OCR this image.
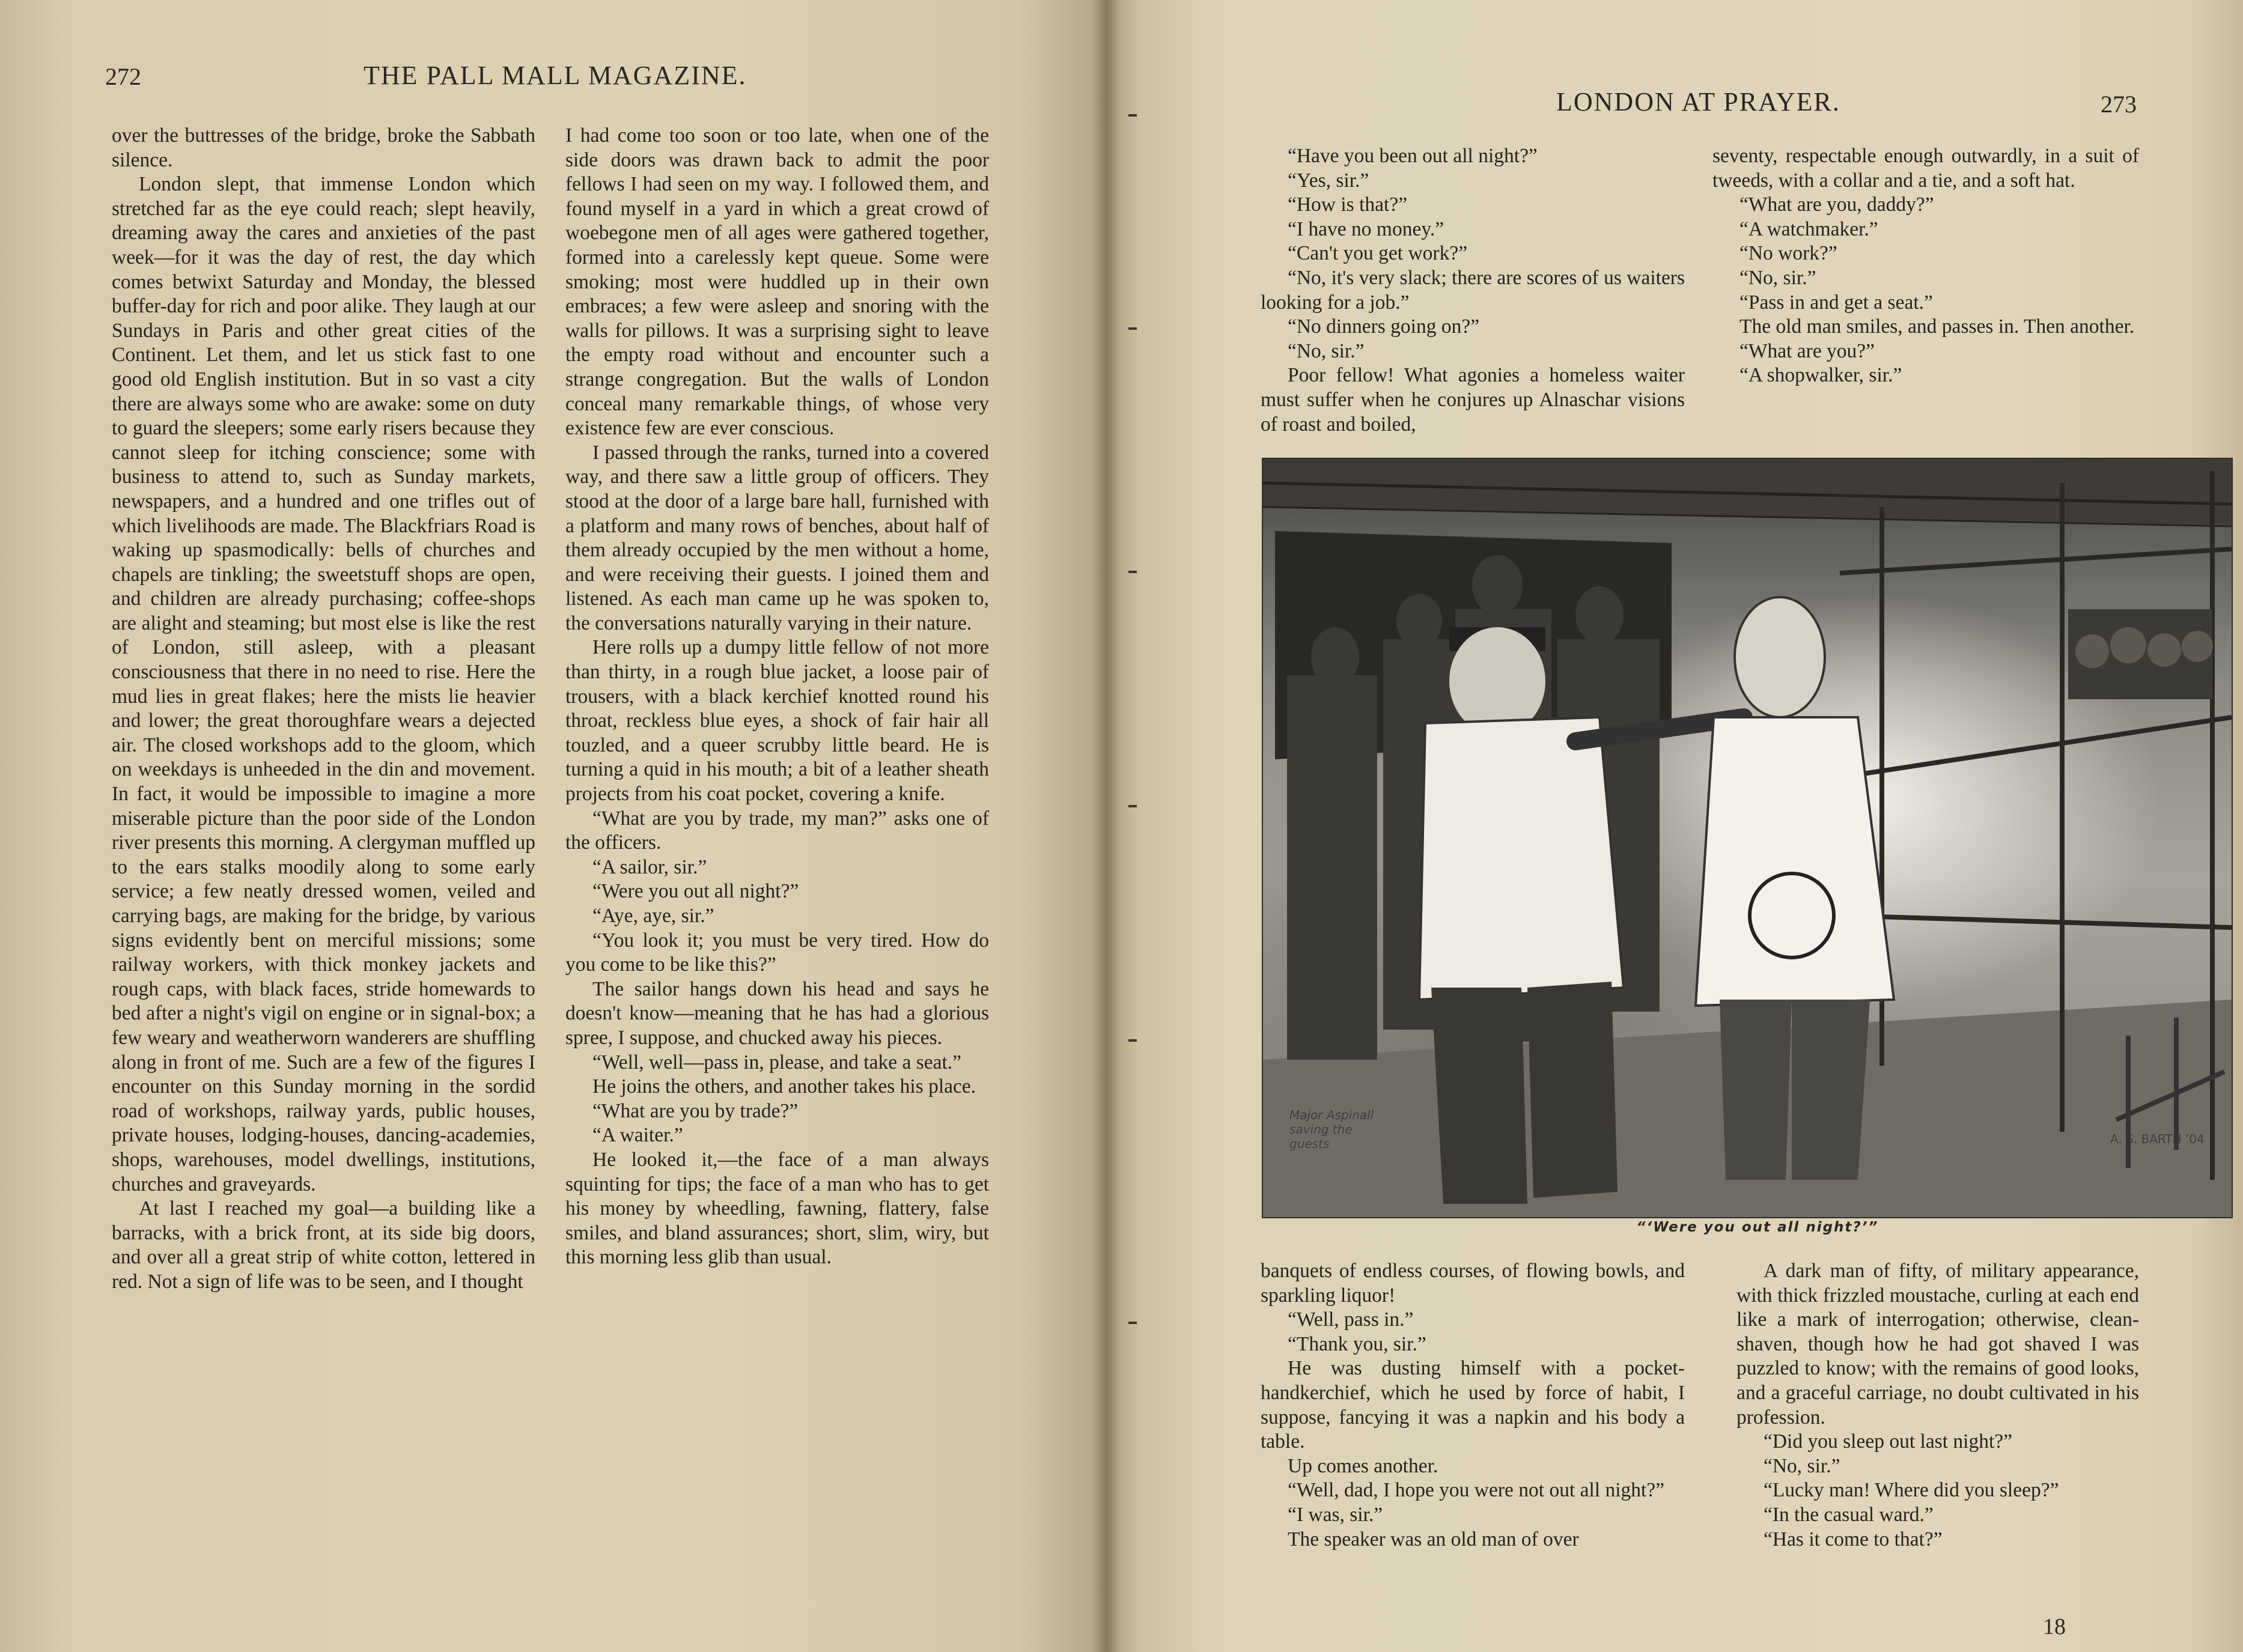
272	THE PALL MALL MAGAZINE.

over the buttresses of the bridge, broke the Sabbath silence.

London slept, that immense London which stretched far as the eye could reach; slept heavily, dreaming away the cares and anxieties of the past week—for it was the day of rest, the day which comes betwixt Saturday and Monday, the blessed buffer-day for rich and poor alike. They laugh at our Sundays in Paris and other great cities of the Continent. Let them, and let us stick fast to one good old English institution. But in so vast a city there are always some who are awake: some on duty to guard the sleepers; some early risers because they cannot sleep for itching conscience; some with business to attend to, such as Sunday markets, newspapers, and a hundred and one trifles out of which livelihoods are made. The Blackfriars Road is waking up spasmodically: bells of churches and chapels are tinkling; the sweetstuff shops are open, and children are already purchasing; coffee-shops are alight and steaming; but most else is like the rest of London, still asleep, with a pleasant consciousness that there in no need to rise. Here the mud lies in great flakes; here the mists lie heavier and lower; the great thoroughfare wears a dejected air. The closed workshops add to the gloom, which on weekdays is unheeded in the din and movement. In fact, it would be impossible to imagine a more miserable picture than the poor side of the London river presents this morning. A clergyman muffled up to the ears stalks moodily along to some early service; a few neatly dressed women, veiled and carrying bags, are making for the bridge, by various signs evidently bent on merciful missions; some railway workers, with thick monkey jackets and rough caps, with black faces, stride homewards to bed after a night's vigil on engine or in signal-box; a few weary and weatherworn wanderers are shuffling along in front of me. Such are a few of the figures I encounter on this Sunday morning in the sordid road of workshops, railway yards, public houses, private houses, lodging-houses, dancing-academies, shops, warehouses, model dwellings, institutions, churches and graveyards.

At last I reached my goal—a building like a barracks, with a brick front, at its side big doors, and over all a great strip of white cotton, lettered in red. Not a sign of life was to be seen, and I thought

I had come too soon or too late, when one of the side doors was drawn back to admit the poor fellows I had seen on my way. I followed them, and found myself in a yard in which a great crowd of woebegone men of all ages were gathered together, formed into a carelessly kept queue. Some were smoking; most were huddled up in their own embraces; a few were asleep and snoring with the walls for pillows. It was a surprising sight to leave the empty road without and encounter such a strange congregation. But the walls of London conceal many remarkable things, of whose very existence few are ever conscious.

I passed through the ranks, turned into a covered way, and there saw a little group of officers. They stood at the door of a large bare hall, furnished with a platform and many rows of benches, about half of them already occupied by the men without a home, and were receiving their guests. I joined them and listened. As each man came up he was spoken to, the conversations naturally varying in their nature.

Here rolls up a dumpy little fellow of not more than thirty, in a rough blue jacket, a loose pair of trousers, with a black kerchief knotted round his throat, reckless blue eyes, a shock of fair hair all touzled, and a queer scrubby little beard. He is turning a quid in his mouth; a bit of a leather sheath projects from his coat pocket, covering a knife.

“What are you by trade, my man?” asks one of the officers.

“A sailor, sir.”

“Were you out all night?”

“Aye, aye, sir.”

“You look it; you must be very tired. How do you come to be like this?”

The sailor hangs down his head and says he doesn't know—meaning that he has had a glorious spree, I suppose, and chucked away his pieces.

“Well, well—pass in, please, and take a seat.”

He joins the others, and another takes his place.

“What are you by trade?”

“A waiter.”

He looked it,—the face of a man always squinting for tips; the face of a man who has to get his money by wheedling, fawning, flattery, false smiles, and bland assurances; short, slim, wiry, but this morning less glib than usual.

LONDON AT PRAYER.	273

“Have you been out all night?”

“Yes, sir.”

“How is that?”

“I have no money.”

“Can't you get work?”

“No, it's very slack; there are scores of us waiters looking for a job.”

“No dinners going on?”

“No, sir.”

Poor fellow! What agonies a homeless waiter must suffer when he conjures up Alnaschar visions of roast and boiled,

seventy, respectable enough outwardly, in a suit of tweeds, with a collar and a tie, and a soft hat.

“What are you, daddy?”

“A watchmaker.”

“No work?”

“No, sir.”

“Pass in and get a seat.”

The old man smiles, and passes in. Then another.

“What are you?”

“A shopwalker, sir.”

Major Aspinall saving the guests	A. S. BARTH ’04
“‘Were you out all night?’”

banquets of endless courses, of flowing bowls, and sparkling liquor!

“Well, pass in.”

“Thank you, sir.”

He was dusting himself with a pocket-handkerchief, which he used by force of habit, I suppose, fancying it was a napkin and his body a table.

Up comes another.

“Well, dad, I hope you were not out all night?”

“I was, sir.”

The speaker was an old man of over

A dark man of fifty, of military appearance, with thick frizzled moustache, curling at each end like a mark of interrogation; otherwise, clean-shaven, though how he had got shaved I was puzzled to know; with the remains of good looks, and a graceful carriage, no doubt cultivated in his profession.

“Did you sleep out last night?”

“No, sir.”

“Lucky man! Where did you sleep?”

“In the casual ward.”

“Has it come to that?”

18
